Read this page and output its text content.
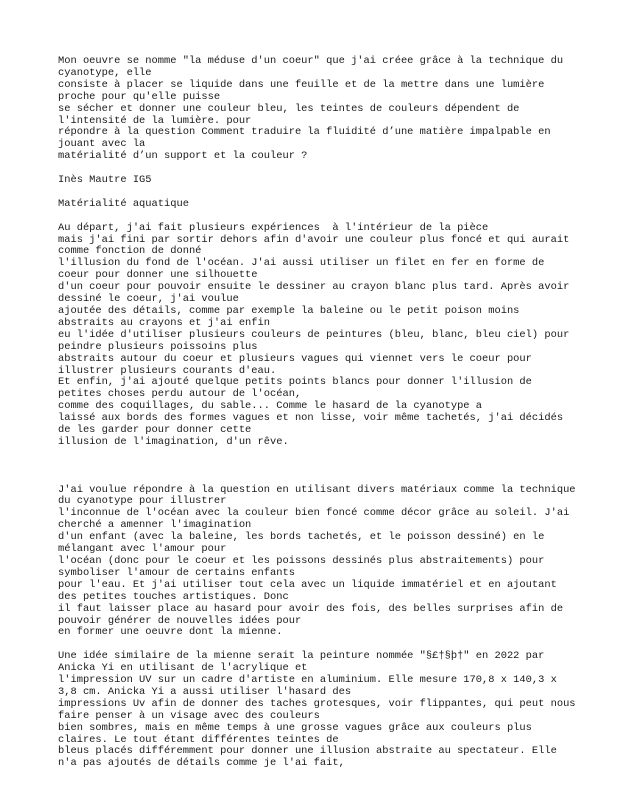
Mon oeuvre se nomme "la méduse d'un coeur" que j'ai créee grâce à la technique du
cyanotype, elle
consiste à placer se liquide dans une feuille et de la mettre dans une lumière
proche pour qu'elle puisse
se sécher et donner une couleur bleu, les teintes de couleurs dépendent de
l'intensité de la lumière. pour
répondre à la question Comment traduire la fluidité d’une matière impalpable en
jouant avec la
matérialité d’un support et la couleur ?
Inès Mautre IG5
Matérialité aquatique
Au départ, j'ai fait plusieurs expériences  à l'intérieur de la pièce
mais j'ai fini par sortir dehors afin d'avoir une couleur plus foncé et qui aurait
comme fonction de donné
l'illusion du fond de l'océan. J'ai aussi utiliser un filet en fer en forme de
coeur pour donner une silhouette
d'un coeur pour pouvoir ensuite le dessiner au crayon blanc plus tard. Après avoir
dessiné le coeur, j'ai voulue
ajoutée des détails, comme par exemple la baleine ou le petit poison moins
abstraits au crayons et j'ai enfin
eu l'idée d'utiliser plusieurs couleurs de peintures (bleu, blanc, bleu ciel) pour
peindre plusieurs poissoins plus
abstraits autour du coeur et plusieurs vagues qui viennet vers le coeur pour
illustrer plusieurs courants d'eau.
Et enfin, j'ai ajouté quelque petits points blancs pour donner l'illusion de
petites choses perdu autour de l'océan,
comme des coquillages, du sable... Comme le hasard de la cyanotype a
laissé aux bords des formes vagues et non lisse, voir même tachetés, j'ai décidés
de les garder pour donner cette
illusion de l'imagination, d'un rêve.
J'ai voulue répondre à la question en utilisant divers matériaux comme la technique
du cyanotype pour illustrer
l'inconnue de l'océan avec la couleur bien foncé comme décor grâce au soleil. J'ai
cherché a amenner l'imagination
d'un enfant (avec la baleine, les bords tachetés, et le poisson dessiné) en le
mélangant avec l'amour pour
l'océan (donc pour le coeur et les poissons dessinés plus abstraitements) pour
symboliser l'amour de certains enfants
pour l'eau. Et j'ai utiliser tout cela avec un liquide immatériel et en ajoutant
des petites touches artistiques. Donc
il faut laisser place au hasard pour avoir des fois, des belles surprises afin de
pouvoir générer de nouvelles idées pour
en former une oeuvre dont la mienne.
Une idée similaire de la mienne serait la peinture nommée "§£†§þ†" en 2022 par
Anicka Yi en utilisant de l'acrylique et
l'impression UV sur un cadre d'artiste en aluminium. Elle mesure 170,8 x 140,3 x
3,8 cm. Anicka Yi a aussi utiliser l'hasard des
impressions Uv afin de donner des taches grotesques, voir flippantes, qui peut nous
faire penser à un visage avec des couleurs
bien sombres, mais en même temps à une grosse vagues grâce aux couleurs plus
claires. Le tout étant différentes teintes de
bleus placés différemment pour donner une illusion abstraite au spectateur. Elle
n'a pas ajoutés de détails comme je l'ai fait,
